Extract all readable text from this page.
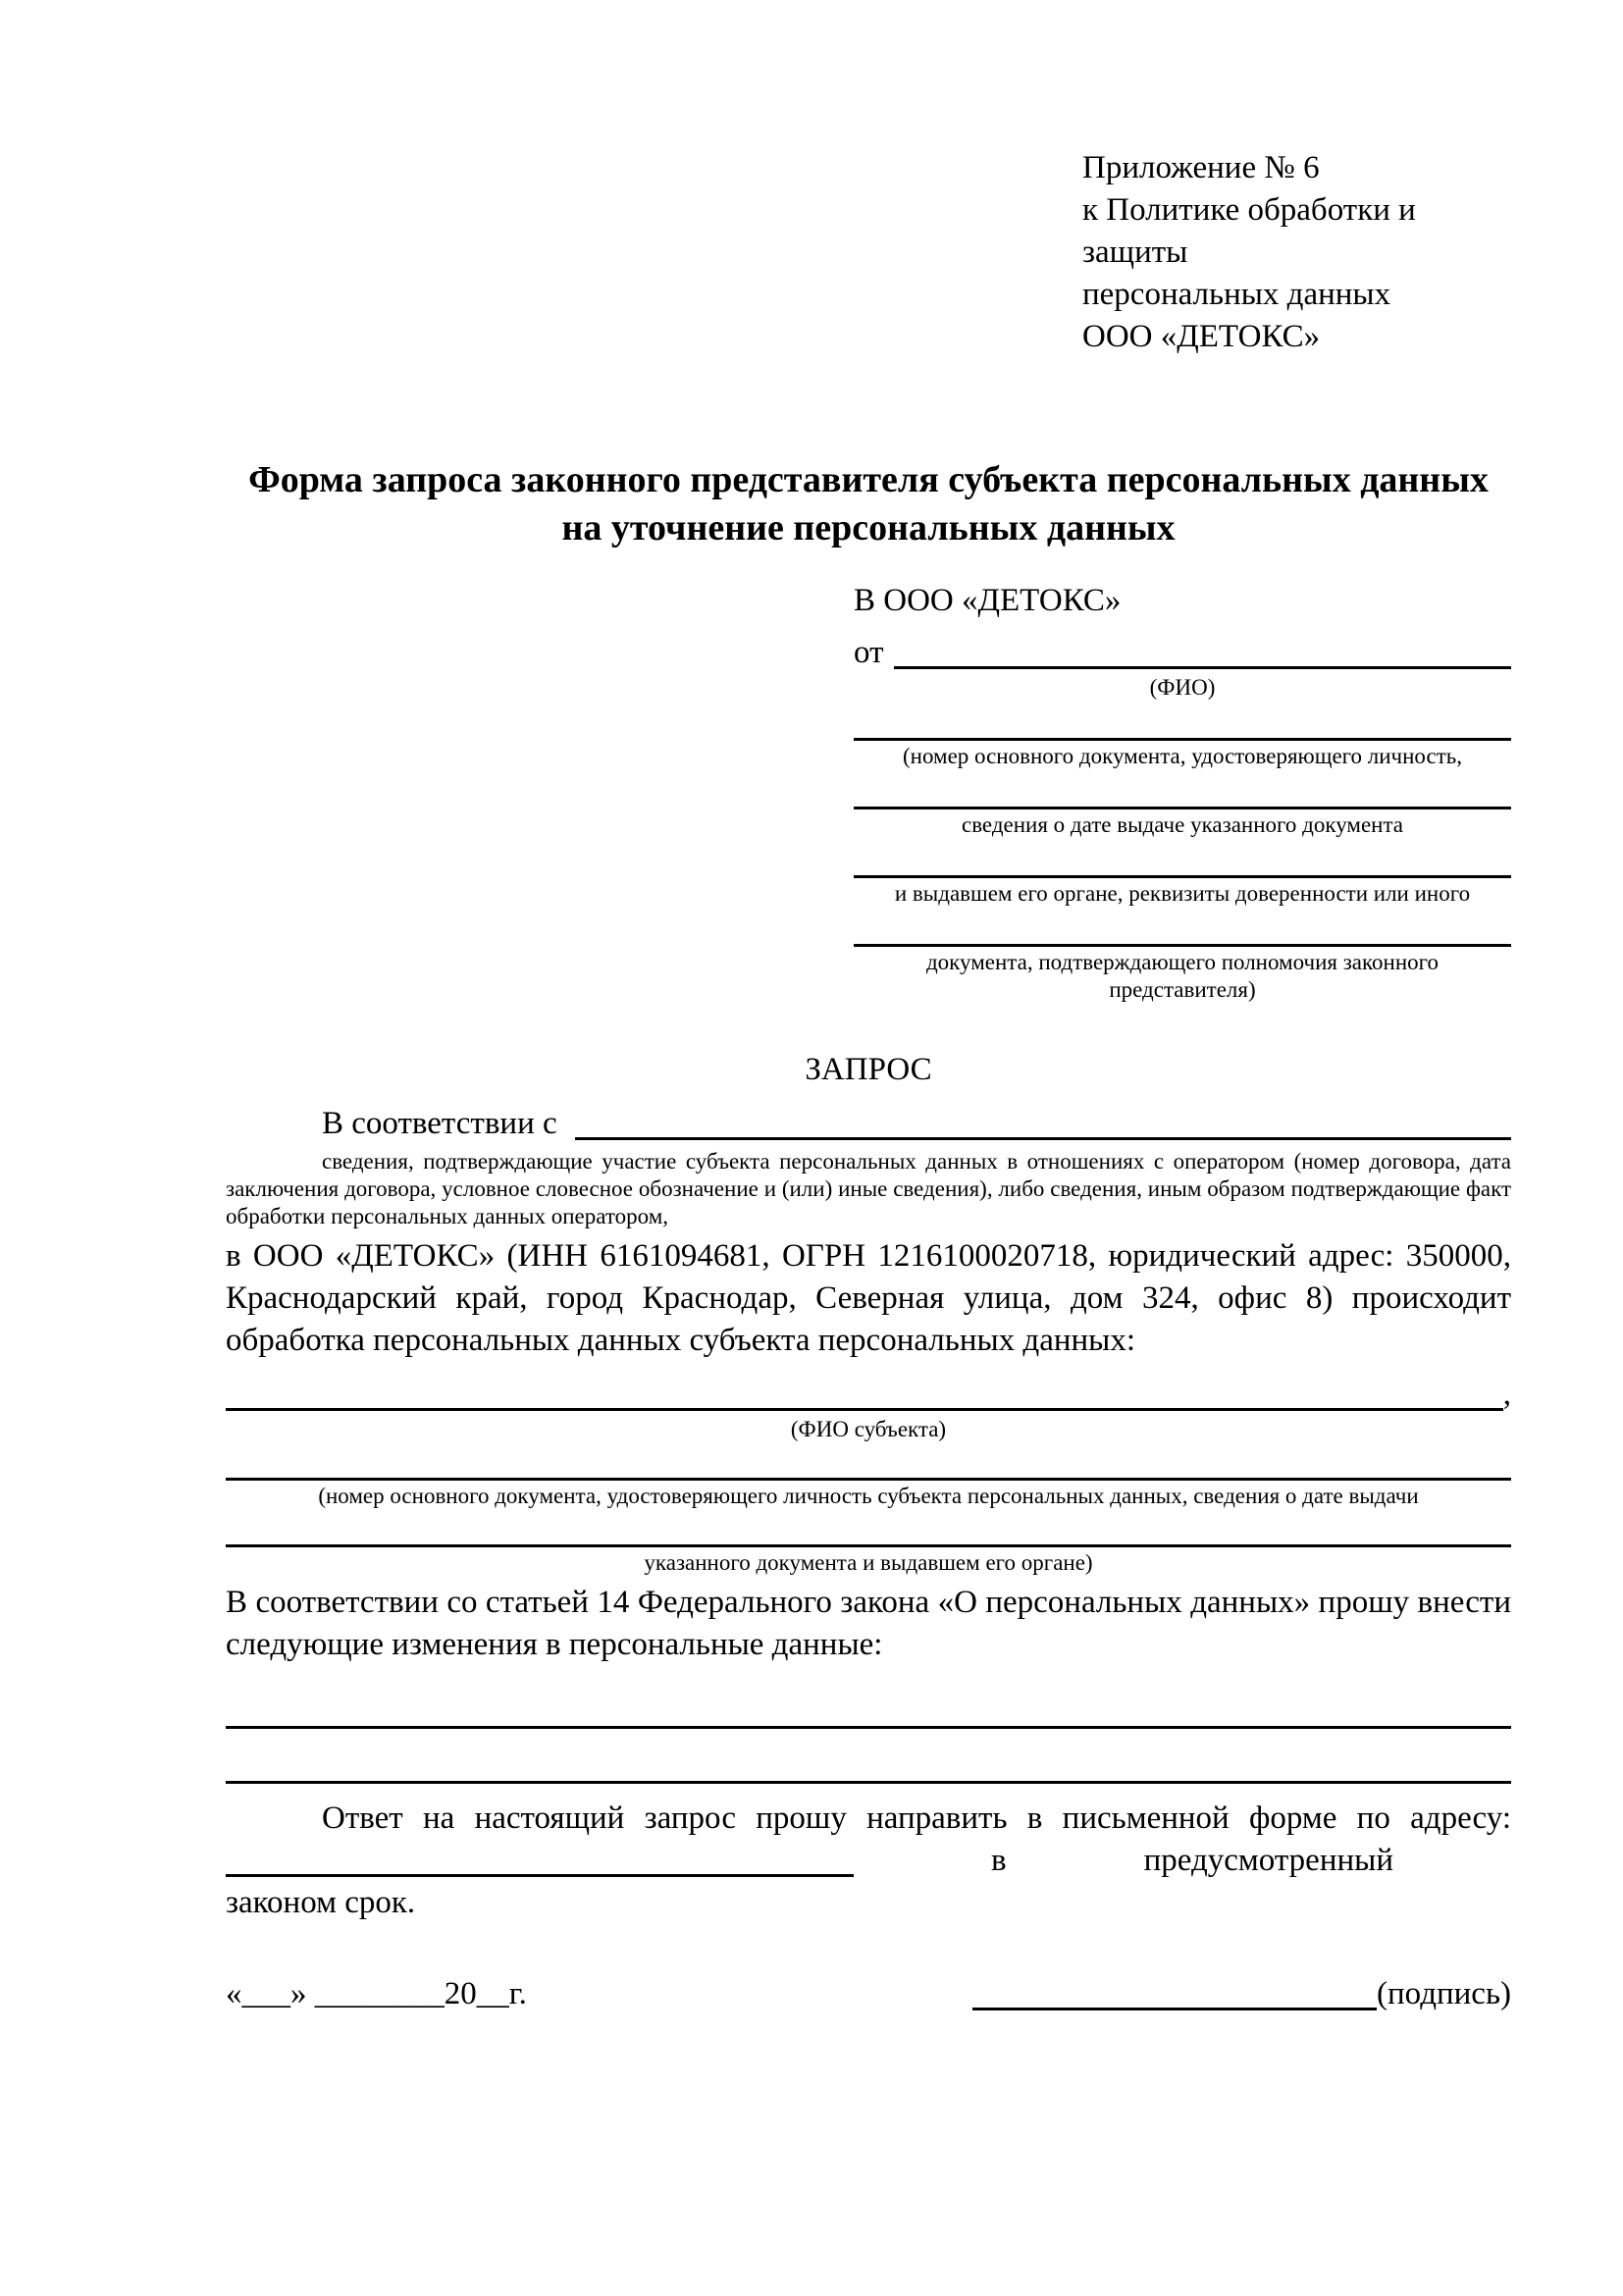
Приложение № 6
к Политике обработки и защиты
персональных данных
ООО «ДЕТОКС»
Форма запроса законного представителя субъекта персональных данных
на уточнение персональных данных
В ООО «ДЕТОКС»
от
(ФИО)
(номер основного документа, удостоверяющего личность,
сведения о дате выдаче указанного документа
и выдавшем его органе, реквизиты доверенности или иного
документа, подтверждающего полномочия законного представителя)
ЗАПРОС
В соответствии с

сведения, подтверждающие участие субъекта персональных данных в отношениях с оператором (номер договора, дата заключения договора, условное словесное обозначение и (или) иные сведения), либо сведения, иным образом подтверждающие факт обработки персональных данных оператором,

в ООО «ДЕТОКС» (ИНН 6161094681, ОГРН 1216100020718, юридический адрес: 350000, Краснодарский край, город Краснодар, Северная улица, дом 324, офис 8) происходит обработка персональных данных субъекта персональных данных:

,
(ФИО субъекта)
(номер основного документа, удостоверяющего личность субъекта персональных данных, сведения о дате выдачи
указанного документа и выдавшем его органе)

В соответствии со статьей 14 Федерального закона «О персональных данных» прошу внести следующие изменения в персональные данные:

Ответ на настоящий запрос прошу направить в письменной форме по адресу:

в	предусмотренный
законом срок.
«___» ________20__г.	(подпись)
